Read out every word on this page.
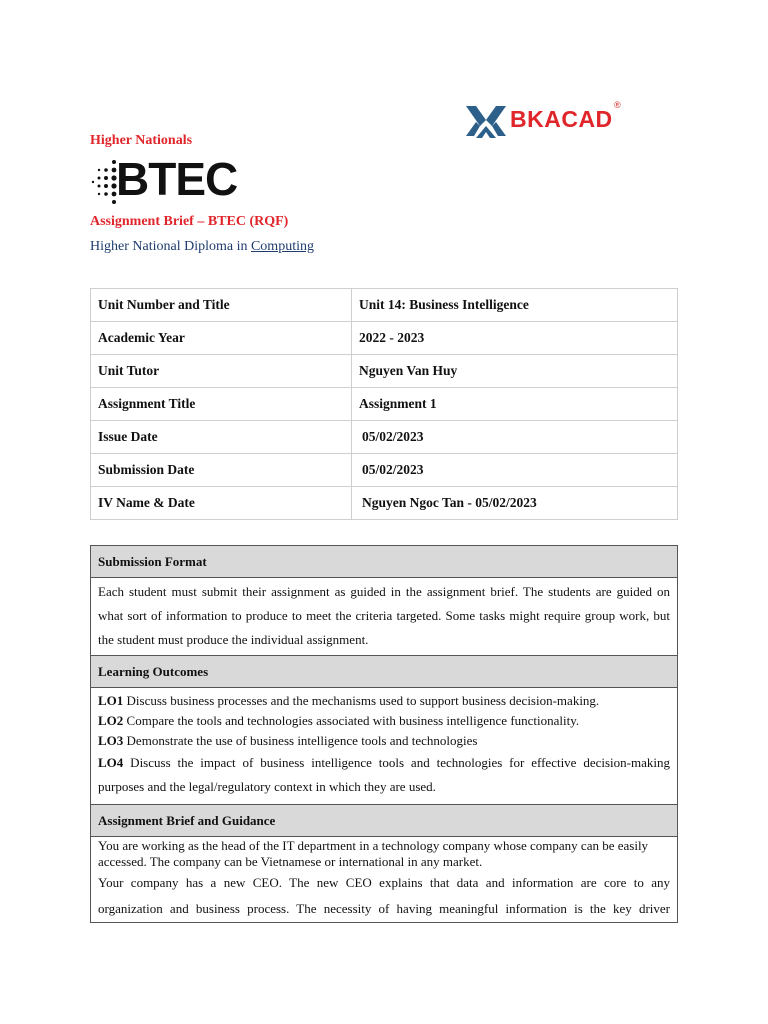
BKACAD
®
Higher Nationals
BTEC
Assignment Brief – BTEC (RQF)
Higher National Diploma in Computing
Unit Number and Title	Unit 14: Business Intelligence
Academic Year	2022 - 2023
Unit Tutor	Nguyen Van Huy
Assignment Title	Assignment 1
Issue Date	05/02/2023
Submission Date	05/02/2023
IV Name & Date	Nguyen Ngoc Tan - 05/02/2023
Submission Format
Each student must submit their assignment as guided in the assignment brief. The students are guided on what sort of information to produce to meet the criteria targeted. Some tasks might require group work, but the student must produce the individual assignment.
Learning Outcomes

LO1 Discuss business processes and the mechanisms used to support business decision-making.
LO2 Compare the tools and technologies associated with business intelligence functionality.
LO3 Demonstrate the use of business intelligence tools and technologies
LO4 Discuss the impact of business intelligence tools and technologies for effective decision-making purposes and the legal/regulatory context in which they are used.

Assignment Brief and Guidance

You are working as the head of the IT department in a technology company whose company can be easily accessed. The company can be Vietnamese or international in any market.
Your company has a new CEO. The new CEO explains that data and information are core to any
organization and business process. The necessity of having meaningful information is the key driver
